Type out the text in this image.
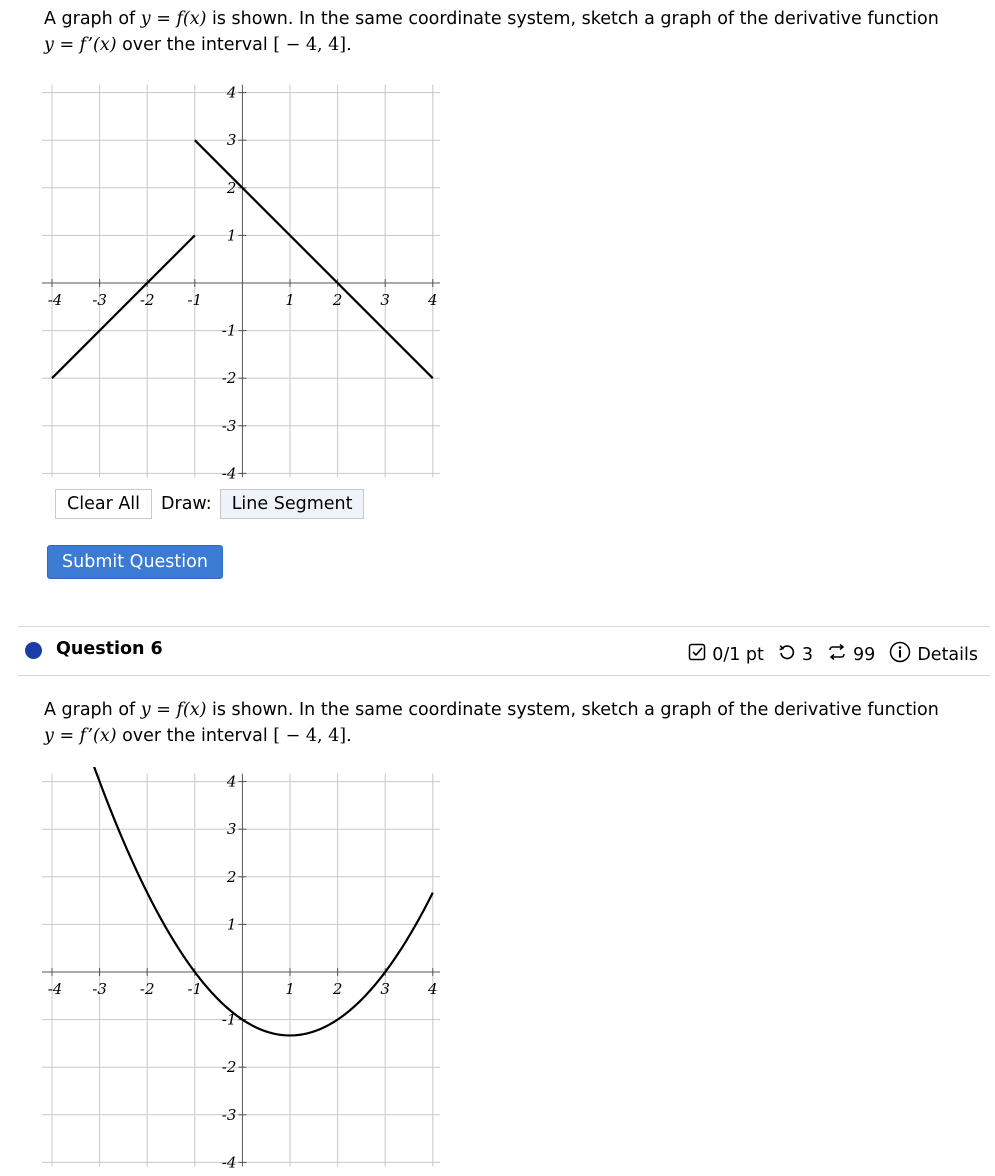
A graph of y = f(x) is shown. In the same coordinate system, sketch a graph of the derivative function
y = f’(x) over the interval [ − 4, 4].
-4 -3 -2 -1	1	2	3	4
4
3
2
1
-1
-2
-3
-4
Clear All	Draw:	Line Segment
Submit Question
Question 6	0/1 pt 3 99 Details
A graph of y = f(x) is shown. In the same coordinate system, sketch a graph of the derivative function
y = f’(x) over the interval [ − 4, 4].
-4 -3 -2 -1	1	2	3	4
4
3
2
1
-1
-2
-3
-4
